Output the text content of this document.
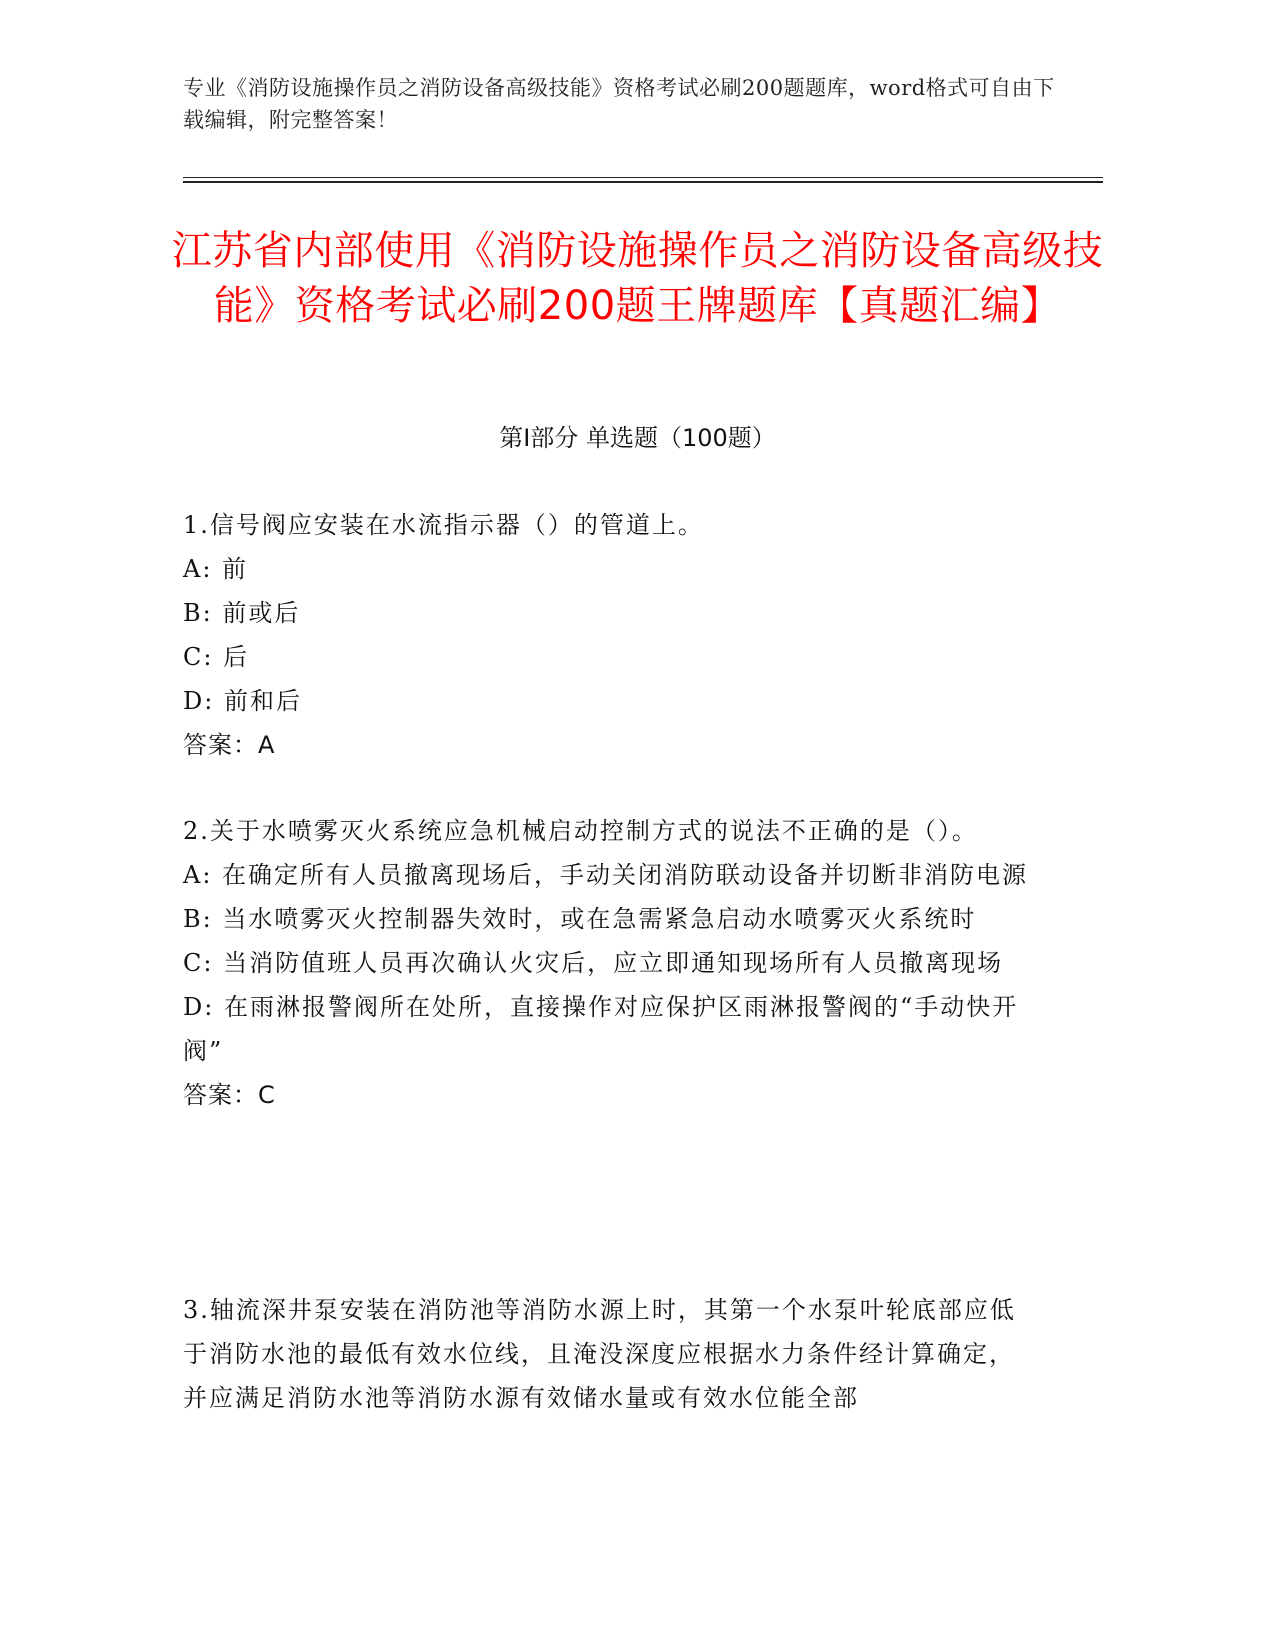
专业《消防设施操作员之消防设备高级技能》资格考试必刷200题题库，word格式可自由下载编辑，附完整答案！
江苏省内部使用《消防设施操作员之消防设备高级技能》资格考试必刷200题王牌题库【真题汇编】
第Ⅰ部分 单选题（100题）

1.信号阀应安装在水流指示器（）的管道上。

A: 前

B: 前或后

C: 后

D: 前和后

答案：A

2.关于水喷雾灭火系统应急机械启动控制方式的说法不正确的是（）。

A: 在确定所有人员撤离现场后，手动关闭消防联动设备并切断非消防电源

B: 当水喷雾灭火控制器失效时，或在急需紧急启动水喷雾灭火系统时

C: 当消防值班人员再次确认火灾后，应立即通知现场所有人员撤离现场

D: 在雨淋报警阀所在处所，直接操作对应保护区雨淋报警阀的“手动快开阀”

答案：C

3.轴流深井泵安装在消防池等消防水源上时，其第一个水泵叶轮底部应低于消防水池的最低有效水位线，且淹没深度应根据水力条件经计算确定，并应满足消防水池等消防水源有效储水量或有效水位能全部
